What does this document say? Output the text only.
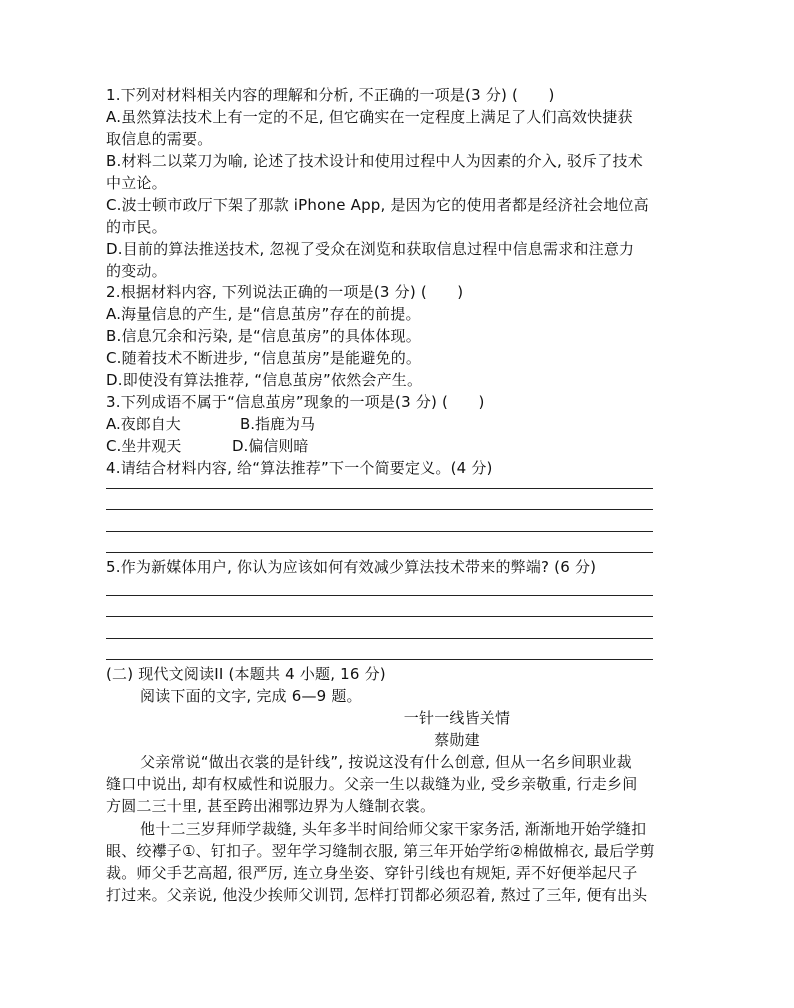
1.下列对材料相关内容的理解和分析, 不正确的一项是(3 分) (　　)
A.虽然算法技术上有一定的不足, 但它确实在一定程度上满足了人们高效快捷获
取信息的需要。
B.材料二以菜刀为喻, 论述了技术设计和使用过程中人为因素的介入, 驳斥了技术
中立论。
C.波士顿市政厅下架了那款 iPhone App, 是因为它的使用者都是经济社会地位高
的市民。
D.目前的算法推送技术, 忽视了受众在浏览和获取信息过程中信息需求和注意力
的变动。
2.根据材料内容, 下列说法正确的一项是(3 分) (　　)
A.海量信息的产生, 是“信息茧房”存在的前提。
B.信息冗余和污染, 是“信息茧房”的具体体现。
C.随着技术不断进步, “信息茧房”是能避免的。
D.即使没有算法推荐, “信息茧房”依然会产生。
3.下列成语不属于“信息茧房”现象的一项是(3 分) (　　)
A.夜郎自大	B.指鹿为马
C.坐井观天	D.偏信则暗
4.请结合材料内容, 给“算法推荐”下一个简要定义。(4 分)
5.作为新媒体用户, 你认为应该如何有效减少算法技术带来的弊端? (6 分)
(二) 现代文阅读II (本题共 4 小题, 16 分)
阅读下面的文字, 完成 6—9 题。
一针一线皆关情
蔡勋建
父亲常说“做出衣裳的是针线”, 按说这没有什么创意, 但从一名乡间职业裁
缝口中说出, 却有权威性和说服力。父亲一生以裁缝为业, 受乡亲敬重, 行走乡间
方圆二三十里, 甚至跨出湘鄂边界为人缝制衣裳。
他十二三岁拜师学裁缝, 头年多半时间给师父家干家务活, 渐渐地开始学缝扣
眼、绞襻子①、钉扣子。翌年学习缝制衣服, 第三年开始学绗②棉做棉衣, 最后学剪
裁。师父手艺高超, 很严厉, 连立身坐姿、穿针引线也有规矩, 弄不好便举起尺子
打过来。父亲说, 他没少挨师父训罚, 怎样打罚都必须忍着, 熬过了三年, 便有出头
